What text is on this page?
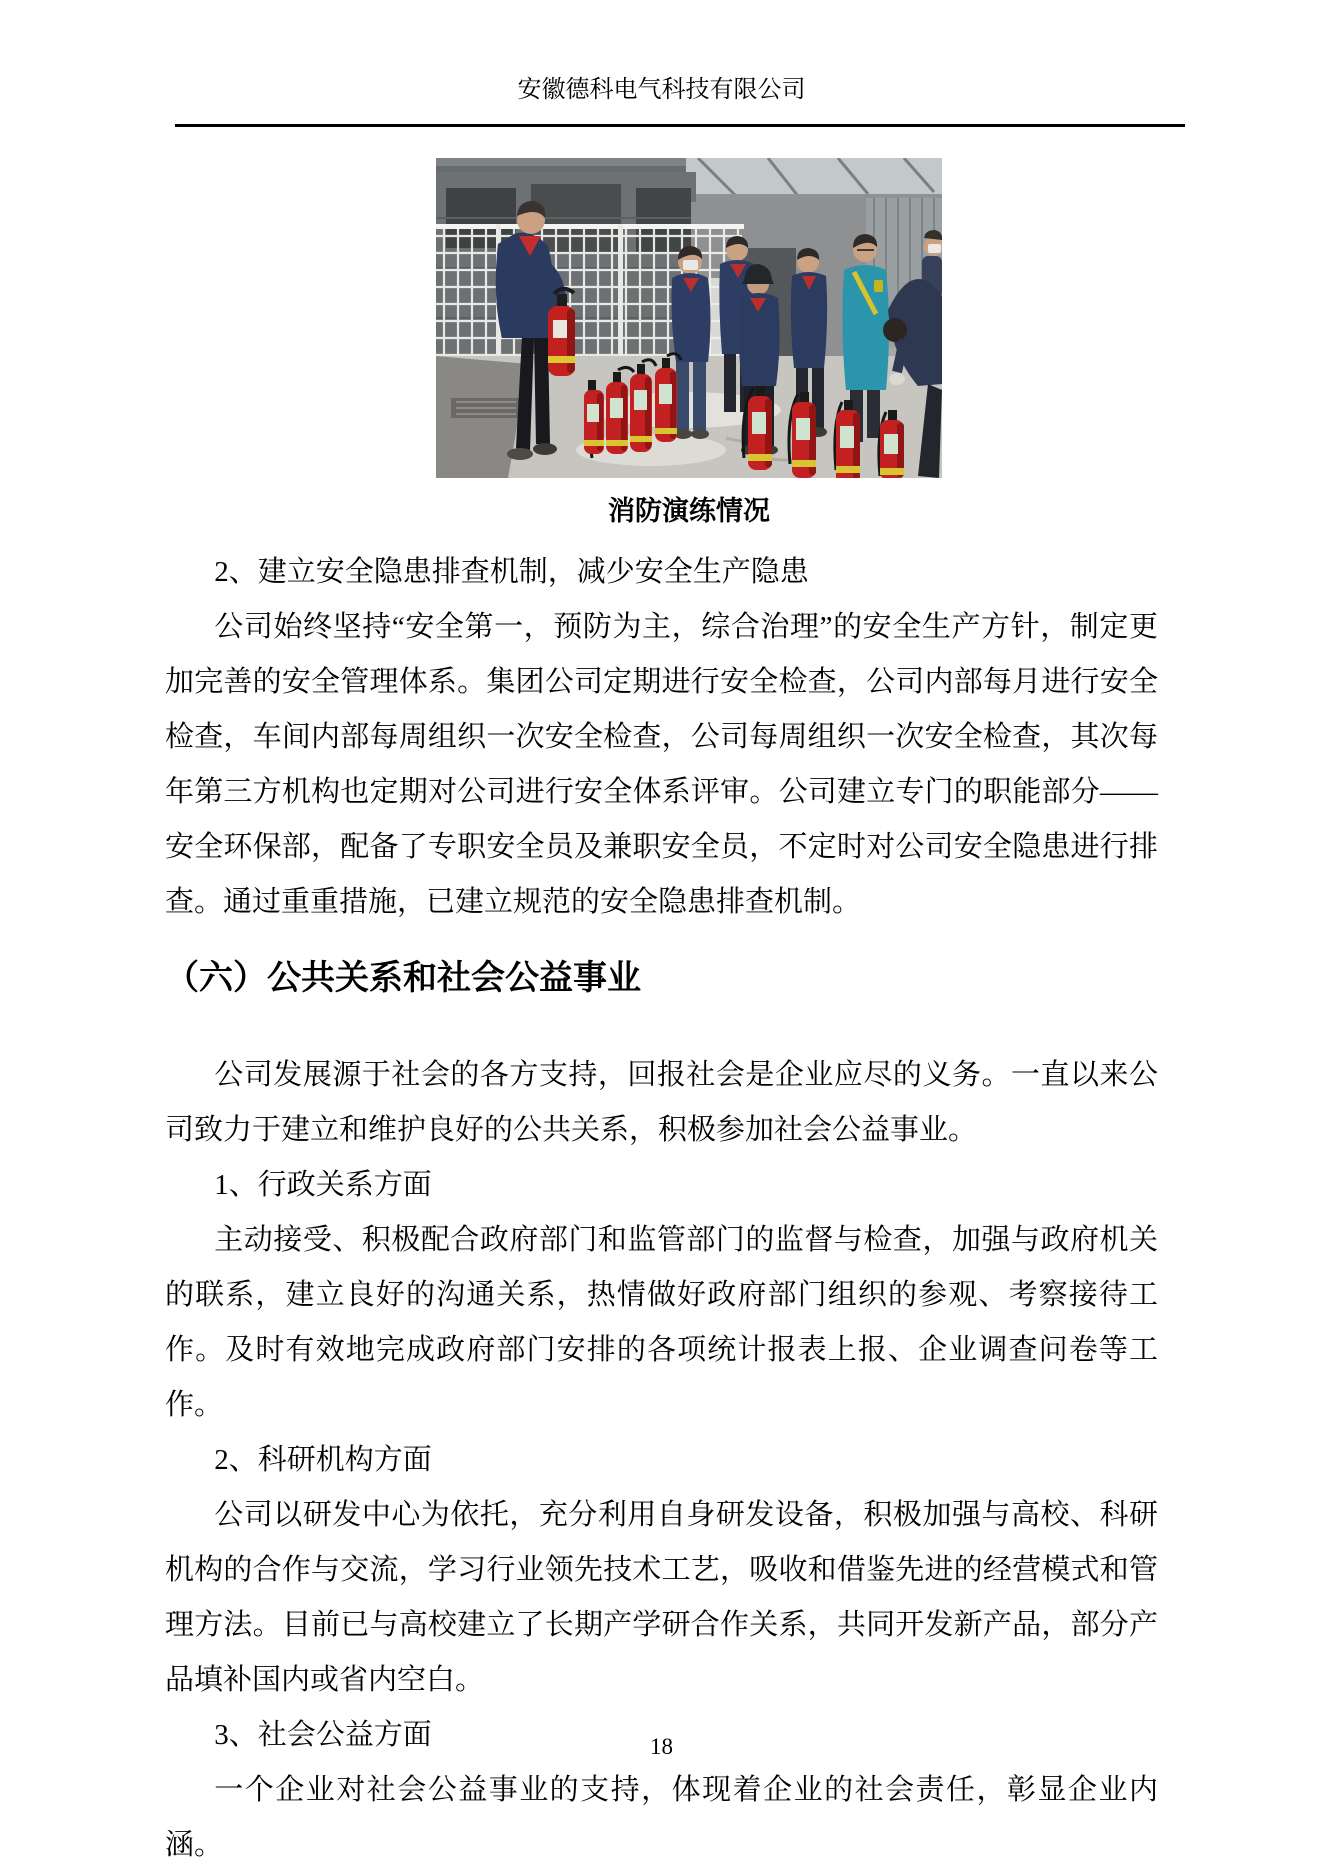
安徽德科电气科技有限公司
消防演练情况

2、建立安全隐患排查机制，减少安全生产隐患

公司始终坚持“安全第一，预防为主，综合治理”的安全生产方针，制定更加完善的安全管理体系。集团公司定期进行安全检查，公司内部每月进行安全检查，车间内部每周组织一次安全检查，公司每周组织一次安全检查，其次每年第三方机构也定期对公司进行安全体系评审。公司建立专门的职能部分——安全环保部，配备了专职安全员及兼职安全员，不定时对公司安全隐患进行排查。通过重重措施，已建立规范的安全隐患排查机制。

（六）公共关系和社会公益事业

公司发展源于社会的各方支持，回报社会是企业应尽的义务。一直以来公司致力于建立和维护良好的公共关系，积极参加社会公益事业。

1、行政关系方面

主动接受、积极配合政府部门和监管部门的监督与检查，加强与政府机关的联系，建立良好的沟通关系，热情做好政府部门组织的参观、考察接待工作。及时有效地完成政府部门安排的各项统计报表上报、企业调查问卷等工作。

2、科研机构方面

公司以研发中心为依托，充分利用自身研发设备，积极加强与高校、科研机构的合作与交流，学习行业领先技术工艺，吸收和借鉴先进的经营模式和管理方法。目前已与高校建立了长期产学研合作关系，共同开发新产品，部分产品填补国内或省内空白。

3、社会公益方面

一个企业对社会公益事业的支持，体现着企业的社会责任，彰显企业内涵。

18
